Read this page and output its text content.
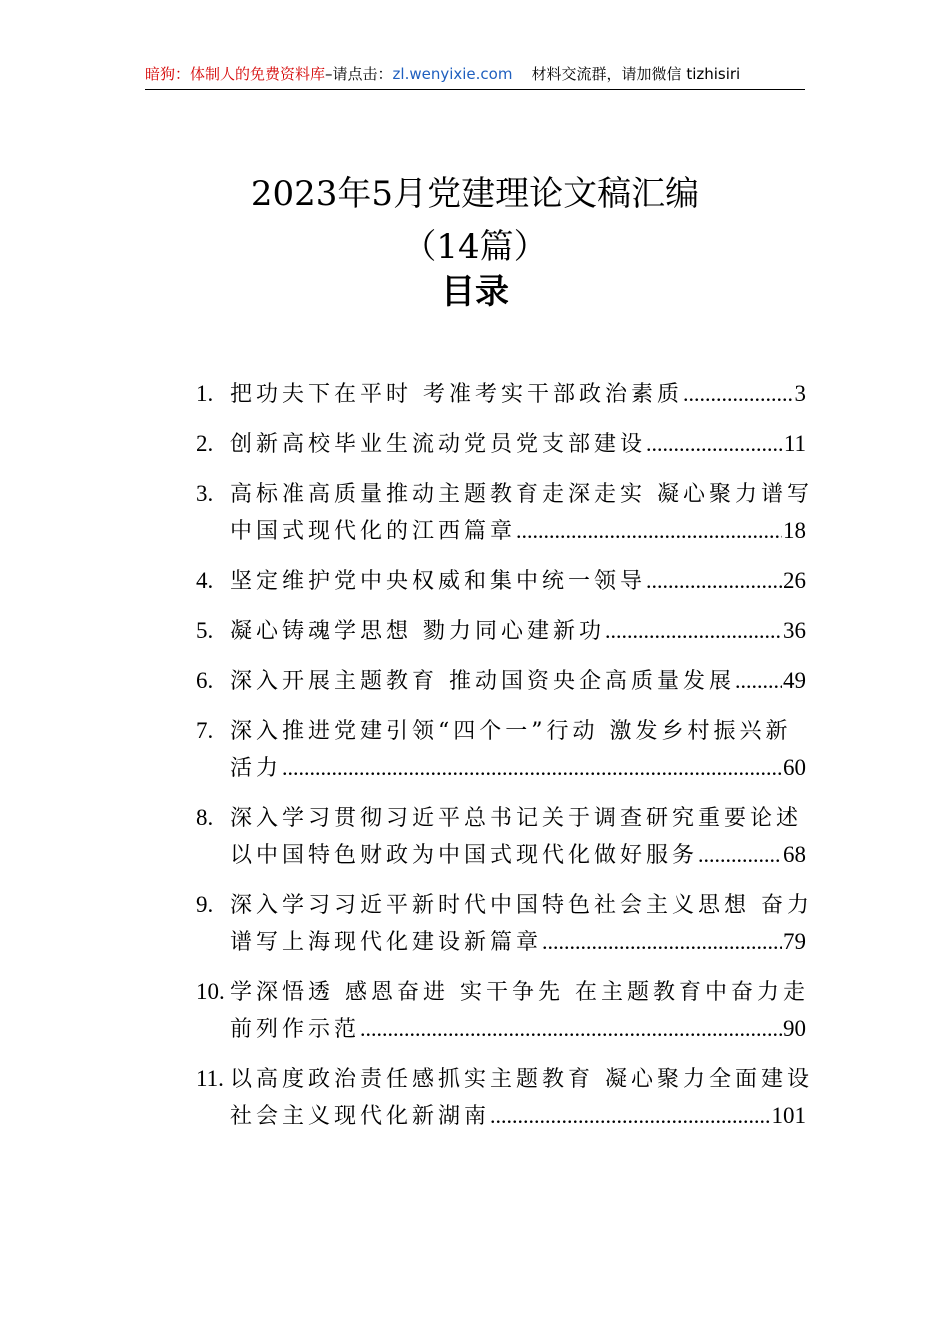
暗狗：体制人的免费资料库–请点击：zl.wenyixie.com 材料交流群，请加微信 tizhisiri
2023年5月党建理论文稿汇编
（14篇）
目录
1. 把功夫下在平时 考准考实干部政治素质 .....	3
2. 创新高校毕业生流动党员党支部建设 .....	11
3. 高标准高质量推动主题教育走深走实 凝心聚力谱写
中国式现代化的江西篇章 .....	18
4. 坚定维护党中央权威和集中统一领导 .....	26
5. 凝心铸魂学思想 勠力同心建新功 .....	36
6. 深入开展主题教育 推动国资央企高质量发展 ..... 49
7. 深入推进党建引领“四个一”行动 激发乡村振兴新
活力 .....	60
8. 深入学习贯彻习近平总书记关于调查研究重要论述
以中国特色财政为中国式现代化做好服务 .....	68
9. 深入学习习近平新时代中国特色社会主义思想 奋力
谱写上海现代化建设新篇章 .....	79
10. 学深悟透 感恩奋进 实干争先 在主题教育中奋力走
前列作示范 .....	90
11. 以高度政治责任感抓实主题教育 凝心聚力全面建设
社会主义现代化新湖南 .....	101
